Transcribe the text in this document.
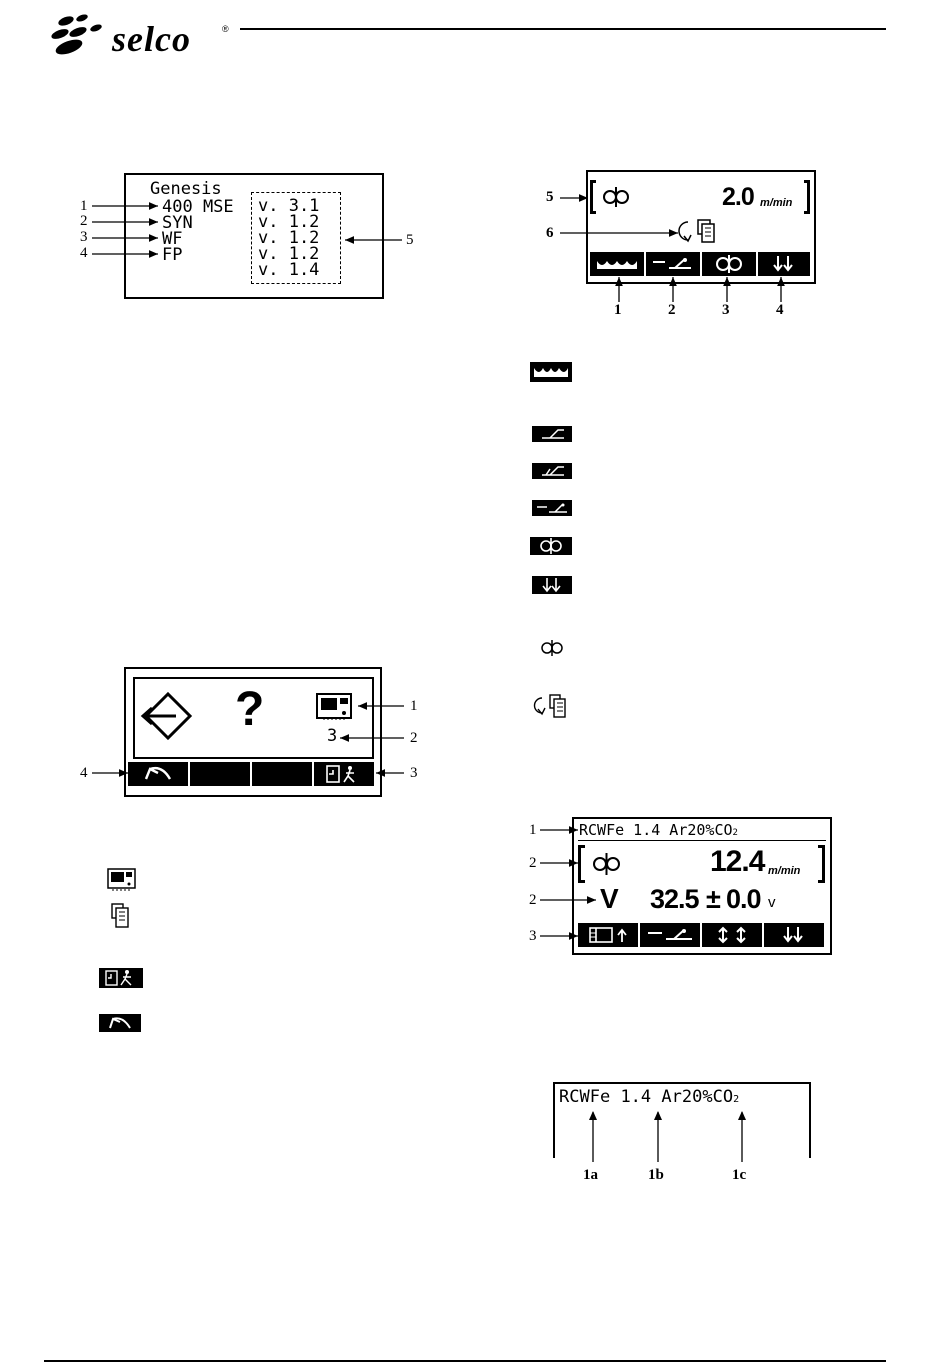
selco	®
Genesis
400 MSE
SYN
WF
FP
v. 3.1
v. 1.2
v. 1.2
v. 1.2
v. 1.4
1
2
3
4
5
2.0 m/min
5
6
1	2	3	4
?	3
1
2
3
4
RCWFe 1.4 Ar20%CO2
12.4 m/min
V 32.5 ± 0.0 v
1
2
2
3
RCWFe 1.4 Ar20%CO2
1a	1b	1c
